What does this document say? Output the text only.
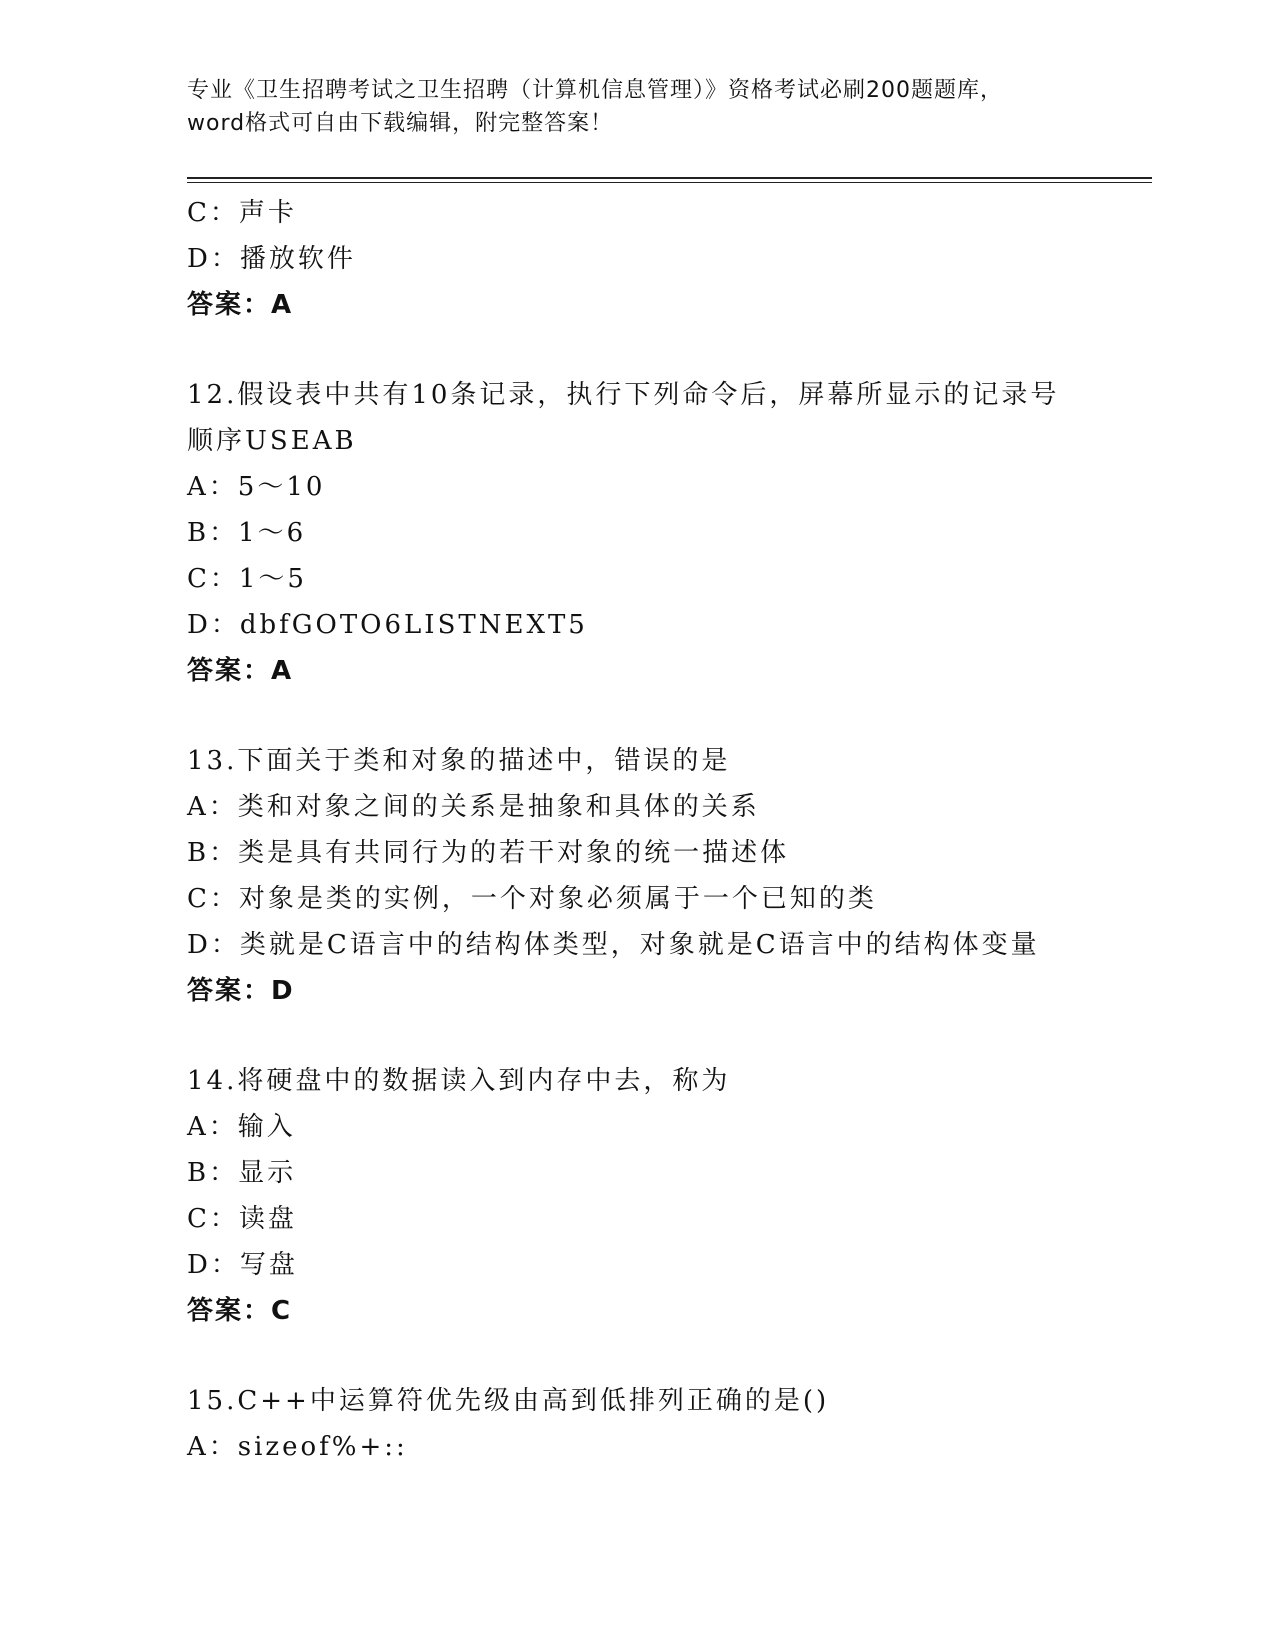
专业《卫生招聘考试之卫生招聘（计算机信息管理）》资格考试必刷200题题库，
word格式可自由下载编辑，附完整答案！
C：声卡
D：播放软件
答案：A
12.假设表中共有10条记录，执行下列命令后，屏幕所显示的记录号
顺序USEAB
A：5～10
B：1～6
C：1～5
D：dbfGOTO6LISTNEXT5
答案：A
13.下面关于类和对象的描述中，错误的是
A：类和对象之间的关系是抽象和具体的关系
B：类是具有共同行为的若干对象的统一描述体
C：对象是类的实例，一个对象必须属于一个已知的类
D：类就是C语言中的结构体类型，对象就是C语言中的结构体变量
答案：D
14.将硬盘中的数据读入到内存中去，称为
A：输入
B：显示
C：读盘
D：写盘
答案：C
15.C++中运算符优先级由高到低排列正确的是()
A：sizeof%+::
